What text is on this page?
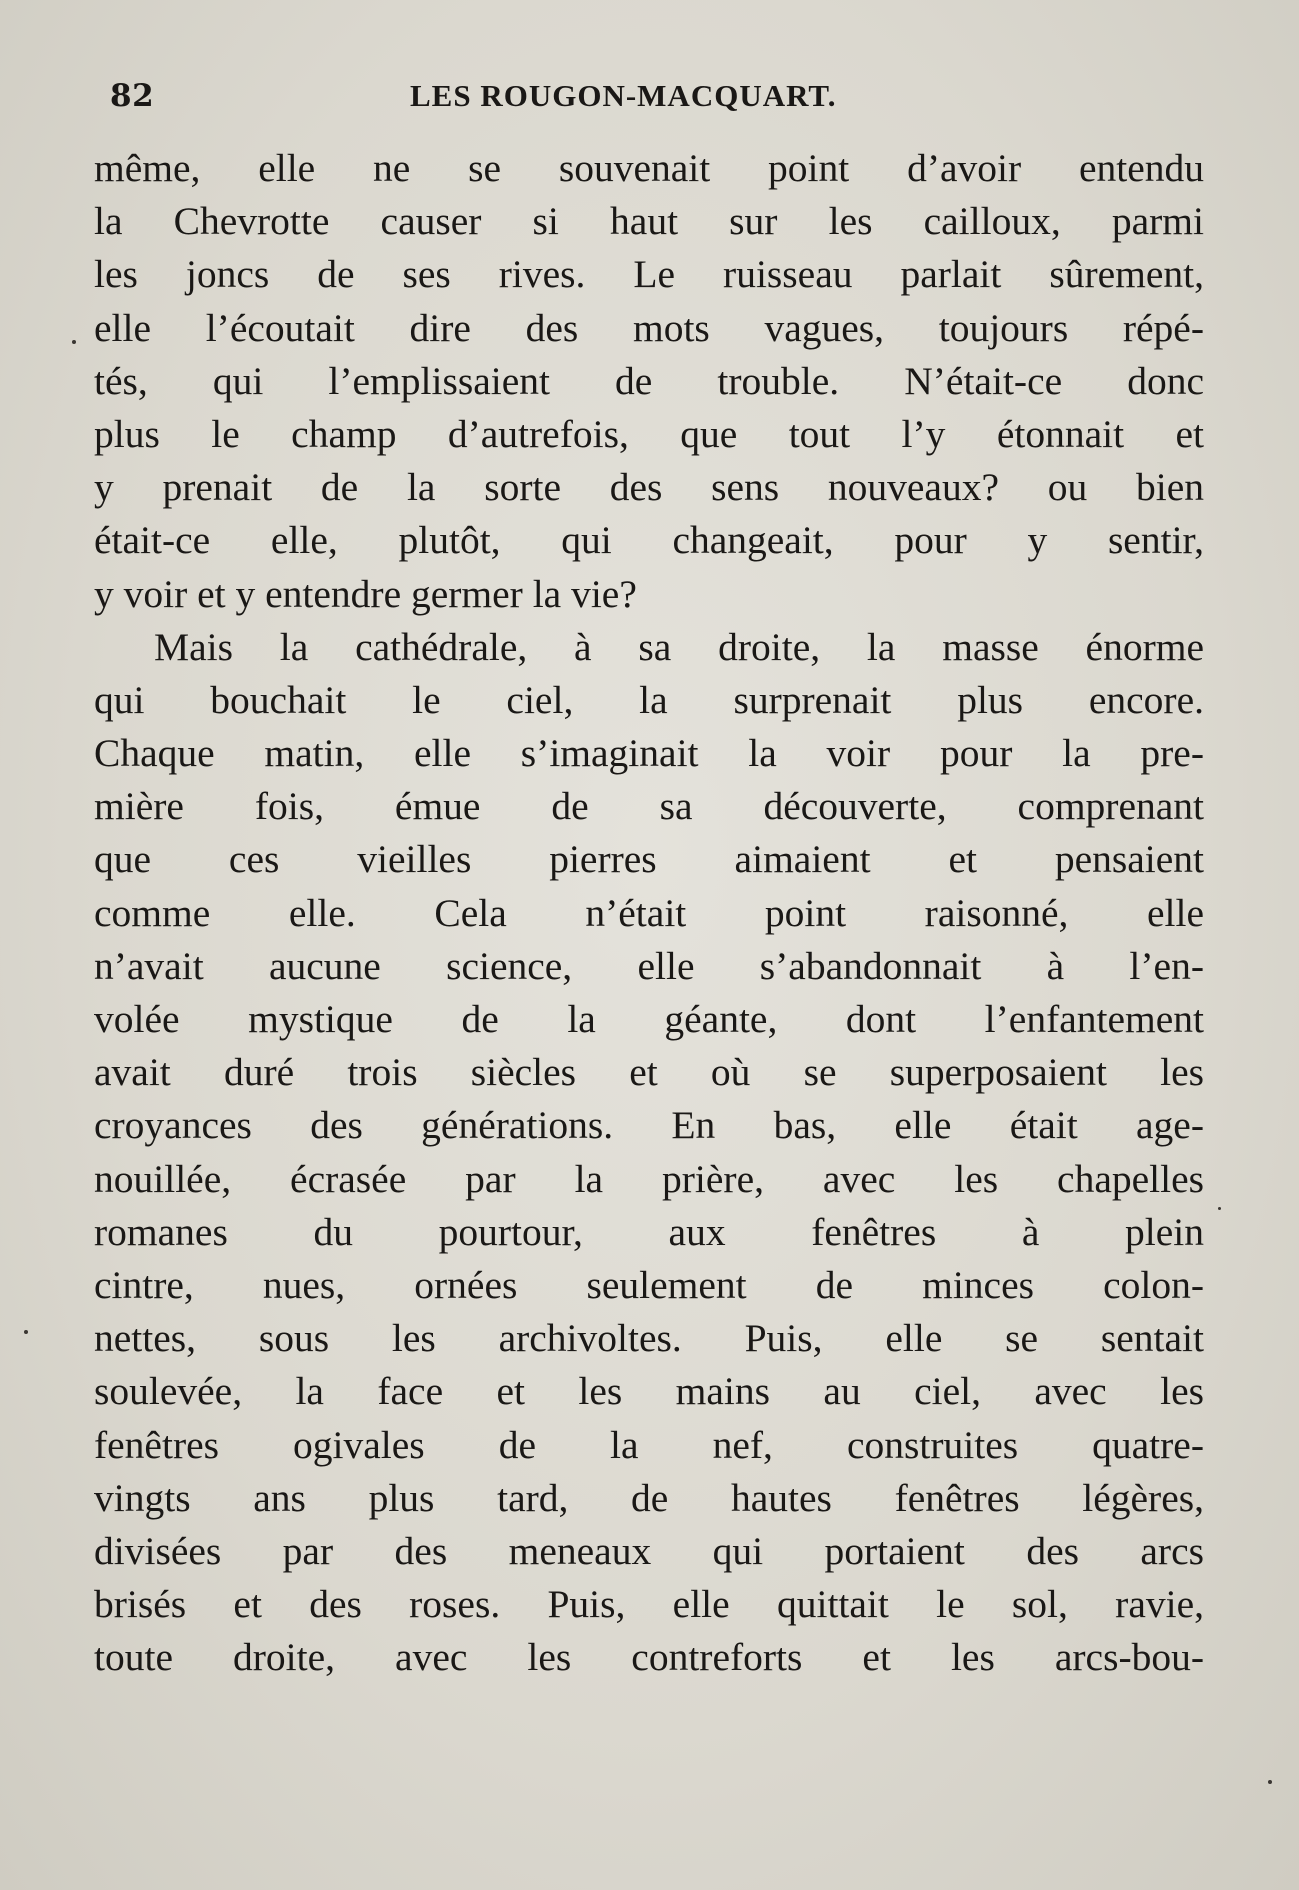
82	LES ROUGON-MACQUART.
même, elle ne se souvenait point d’avoir entendu
la Chevrotte causer si haut sur les cailloux, parmi
les joncs de ses rives. Le ruisseau parlait sûrement,
elle l’écoutait dire des mots vagues, toujours répé-
tés, qui l’emplissaient de trouble. N’était-ce donc
plus le champ d’autrefois, que tout l’y étonnait et
y prenait de la sorte des sens nouveaux? ou bien
était-ce elle, plutôt, qui changeait, pour y sentir,
y voir et y entendre germer la vie?
Mais la cathédrale, à sa droite, la masse énorme
qui bouchait le ciel, la surprenait plus encore.
Chaque matin, elle s’imaginait la voir pour la pre-
mière fois, émue de sa découverte, comprenant
que ces vieilles pierres aimaient et pensaient
comme elle. Cela n’était point raisonné, elle
n’avait aucune science, elle s’abandonnait à l’en-
volée mystique de la géante, dont l’enfantement
avait duré trois siècles et où se superposaient les
croyances des générations. En bas, elle était age-
nouillée, écrasée par la prière, avec les chapelles
romanes du pourtour, aux fenêtres à plein
cintre, nues, ornées seulement de minces colon-
nettes, sous les archivoltes. Puis, elle se sentait
soulevée, la face et les mains au ciel, avec les
fenêtres ogivales de la nef, construites quatre-
vingts ans plus tard, de hautes fenêtres légères,
divisées par des meneaux qui portaient des arcs
brisés et des roses. Puis, elle quittait le sol, ravie,
toute droite, avec les contreforts et les arcs-bou-
